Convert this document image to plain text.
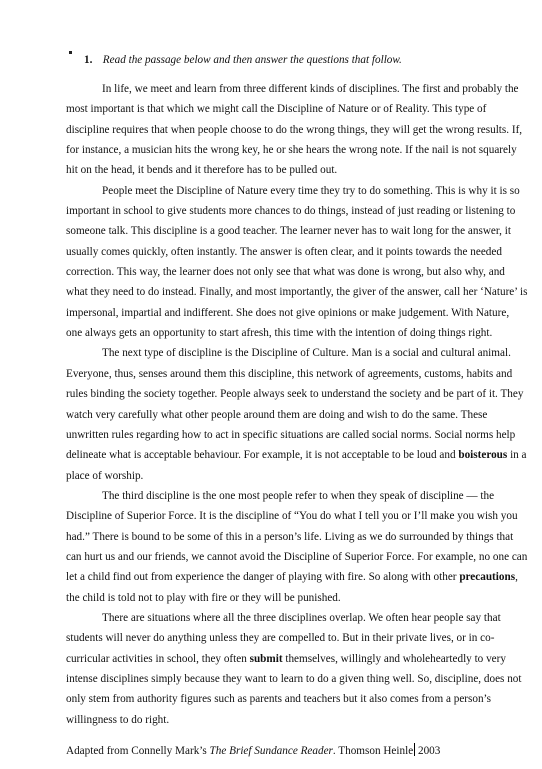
1. Read the passage below and then answer the questions that follow.

In life, we meet and learn from three different kinds of disciplines. The first and probably the most important is that which we might call the Discipline of Nature or of Reality. This type of discipline requires that when people choose to do the wrong things, they will get the wrong results. If, for instance, a musician hits the wrong key, he or she hears the wrong note. If the nail is not squarely hit on the head, it bends and it therefore has to be pulled out.

People meet the Discipline of Nature every time they try to do something. This is why it is so important in school to give students more chances to do things, instead of just reading or listening to someone talk. This discipline is a good teacher. The learner never has to wait long for the answer, it usually comes quickly, often instantly. The answer is often clear, and it points towards the needed correction. This way, the learner does not only see that what was done is wrong, but also why, and what they need to do instead. Finally, and most importantly, the giver of the answer, call her ‘Nature’ is impersonal, impartial and indifferent. She does not give opinions or make judgement. With Nature, one always gets an opportunity to start afresh, this time with the intention of doing things right.

The next type of discipline is the Discipline of Culture. Man is a social and cultural animal. Everyone, thus, senses around them this discipline, this network of agreements, customs, habits and rules binding the society together. People always seek to understand the society and be part of it. They watch very carefully what other people around them are doing and wish to do the same. These unwritten rules regarding how to act in specific situations are called social norms. Social norms help delineate what is acceptable behaviour. For example, it is not acceptable to be loud and boisterous in a place of worship.

The third discipline is the one most people refer to when they speak of discipline — the Discipline of Superior Force. It is the discipline of “You do what I tell you or I’ll make you wish you had.” There is bound to be some of this in a person’s life. Living as we do surrounded by things that can hurt us and our friends, we cannot avoid the Discipline of Superior Force. For example, no one can let a child find out from experience the danger of playing with fire. So along with other precautions, the child is told not to play with fire or they will be punished.

There are situations where all the three disciplines overlap. We often hear people say that students will never do anything unless they are compelled to. But in their private lives, or in co-curricular activities in school, they often submit themselves, willingly and wholeheartedly to very intense disciplines simply because they want to learn to do a given thing well. So, discipline, does not only stem from authority figures such as parents and teachers but it also comes from a person’s willingness to do right.

Adapted from Connelly Mark’s The Brief Sundance Reader. Thomson Heinle 2003
